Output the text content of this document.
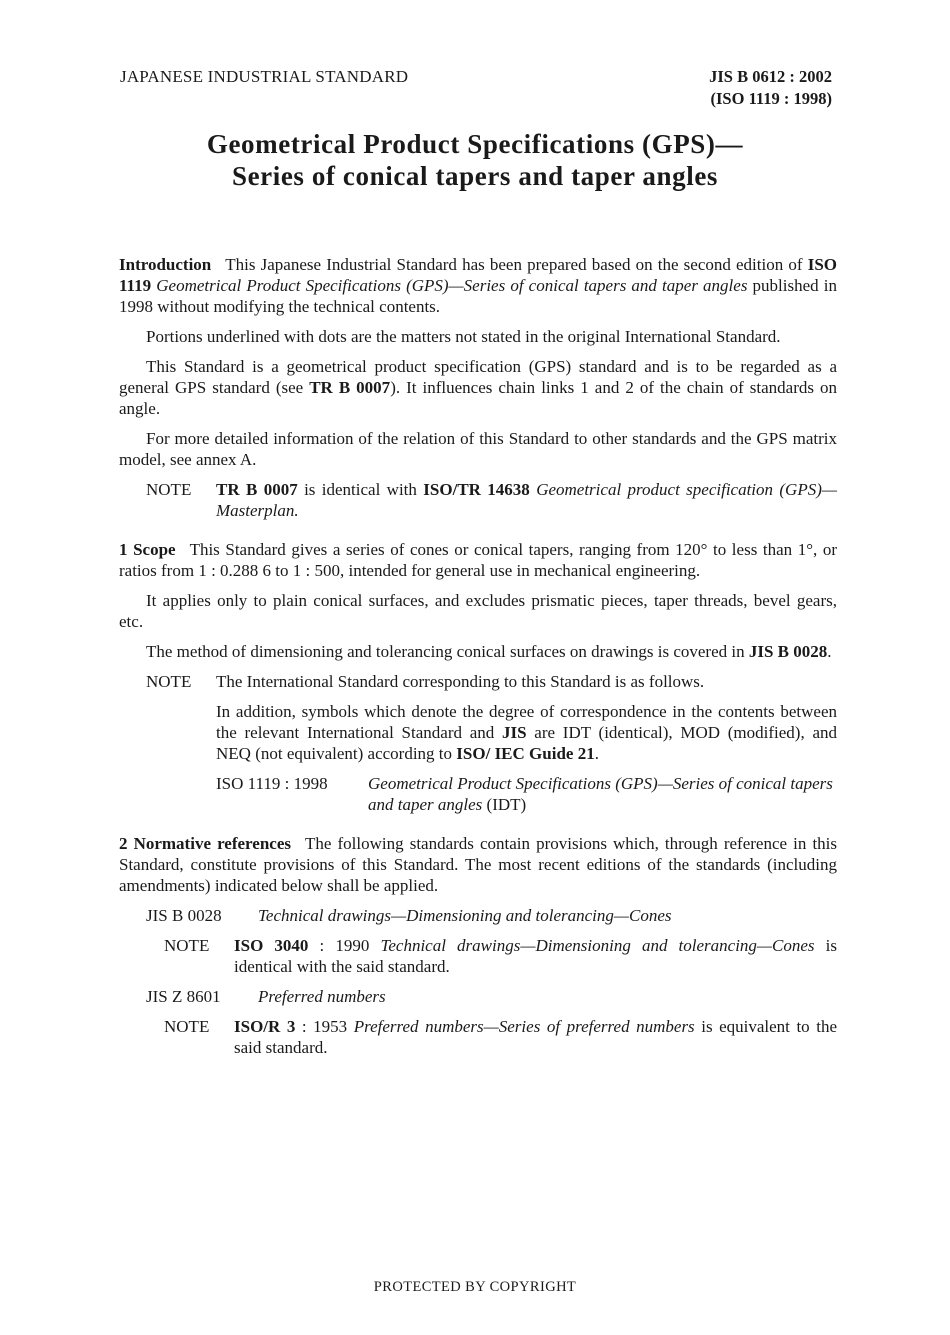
JAPANESE INDUSTRIAL STANDARD	JIS B 0612 : 2002
(ISO 1119 : 1998)
Geometrical Product Specifications (GPS)—
Series of conical tapers and taper angles

Introduction This Japanese Industrial Standard has been prepared based on the second edition of ISO 1119 Geometrical Product Specifications (GPS)—Series of conical tapers and taper angles published in 1998 without modifying the technical contents.

Portions underlined with dots are the matters not stated in the original International Standard.

This Standard is a geometrical product specification (GPS) standard and is to be regarded as a general GPS standard (see TR B 0007). It influences chain links 1 and 2 of the chain of standards on angle.

For more detailed information of the relation of this Standard to other standards and the GPS matrix model, see annex A.

NOTE	TR B 0007 is identical with ISO/TR 14638 Geometrical product specification (GPS)—Masterplan.

1 Scope This Standard gives a series of cones or conical tapers, ranging from 120° to less than 1°, or ratios from 1 : 0.288 6 to 1 : 500, intended for general use in mechanical engineering.

It applies only to plain conical surfaces, and excludes prismatic pieces, taper threads, bevel gears, etc.

The method of dimensioning and tolerancing conical surfaces on drawings is covered in JIS B 0028.

NOTE	The International Standard corresponding to this Standard is as follows.

In addition, symbols which denote the degree of correspondence in the contents between the relevant International Standard and JIS are IDT (identical), MOD (modified), and NEQ (not equivalent) according to ISO/ IEC Guide 21.

ISO 1119 : 1998	Geometrical Product Specifications (GPS)—Series of conical tapers and taper angles (IDT)

2 Normative references The following standards contain provisions which, through reference in this Standard, constitute provisions of this Standard. The most recent editions of the standards (including amendments) indicated below shall be applied.

JIS B 0028 Technical drawings—Dimensioning and tolerancing—Cones
NOTE	ISO 3040 : 1990 Technical drawings—Dimensioning and tolerancing—Cones is identical with the said standard.
JIS Z 8601 Preferred numbers
NOTE	ISO/R 3 : 1953 Preferred numbers—Series of preferred numbers is equivalent to the said standard.
PROTECTED BY COPYRIGHT
